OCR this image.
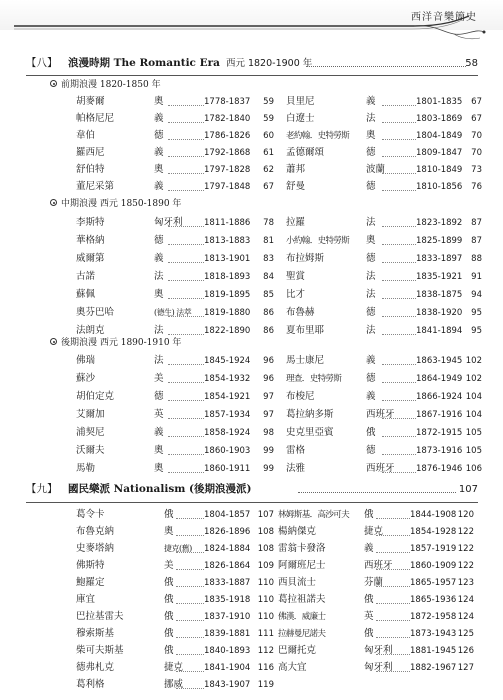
西洋音樂簡史
【八】 浪漫時期 The Romantic Era 西元 1820-1900 年	58
前期浪漫 1820-1850 年
胡麥爾	奧	1778-1837 59
帕格尼尼	義	1782-1840 59
韋伯	德	1786-1826 60
羅西尼	義	1792-1868 61
舒伯特	奧	1797-1828 62
董尼采第	義	1797-1848 67
貝里尼	義	1801-1835 67
白遼士	法	1803-1869 67
老約翰．史特勞斯 奧	1804-1849 70
孟德爾頌	德	1809-1847 70
蕭邦	波蘭	1810-1849 73
舒曼	德	1810-1856 76
中期浪漫 西元 1850-1890 年
李斯特	匈牙利	1811-1886 78
華格納	德	1813-1883 81
威爾第	義	1813-1901 83
古諾	法	1818-1893 84
蘇佩	奧	1819-1895 85
奧芬巴哈	(德生) 法萃 1819-1880 86
法朗克	法	1822-1890 86
拉羅	法	1823-1892 87
小約翰．史特勞斯 奧	1825-1899 87
布拉姆斯	德	1833-1897 88
聖賞	法	1835-1921 91
比才	法	1838-1875 94
布魯赫	德	1838-1920 95
夏布里耶	法	1841-1894 95
後期浪漫 西元 1890-1910 年
佛瑞	法	1845-1924 96
蘇沙	美	1854-1932 96
胡伯定克	德	1854-1921 97
艾爾加	英	1857-1934 97
浦契尼	義	1858-1924 98
沃爾夫	奧	1860-1903 99
馬勒	奧	1860-1911 99
馬士康尼	義	1863-1945 102
理查．史特勞斯	德	1864-1949 102
布梭尼	義	1866-1924 104
葛拉納多斯	西班牙	1867-1916 104
史克里亞賓	俄	1872-1915 105
雷格	德	1873-1916 105
法雅	西班牙	1876-1946 106
【九】 國民樂派 Nationalism (後期浪漫派)	107
葛令卡	俄	1804-1857 107
布魯克納	奧	1826-1896 108
史麥塔納	捷克(舊) 1824-1884 108
佛斯特	美	1826-1864 109
鮑羅定	俄	1833-1887 110
庫宜	俄	1835-1918 110
巴拉基雷夫	俄	1837-1910 110
穆索斯基	俄	1839-1881 111
柴可夫斯基	俄	1840-1893 112
德弗札克	捷克 1841-1904 116
葛利格	挪威 1843-1907 119
林姆斯基．高沙可夫 俄	1844-1908 120
楊納傑克	捷克	1854-1928 122
雷翁卡發洛	義	1857-1919 122
阿爾班尼士	西班牙 1860-1909 122
西貝流士	芬蘭	1865-1957 123
葛拉祖諾夫	俄	1865-1936 124
佛漢．威廉士	英	1872-1958 124
拉赫曼尼諾夫	俄	1873-1943 125
巴爾托克	匈牙利 1881-1945 126
高大宜	匈牙利 1882-1967 127
